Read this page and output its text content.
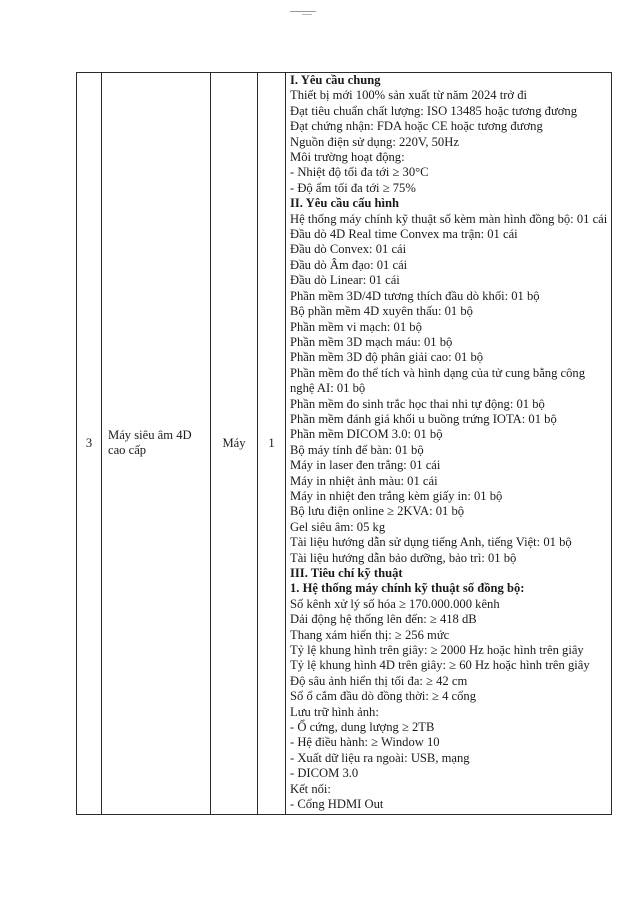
3	Máy siêu âm 4D cao cấp	Máy	1	
I. Yêu cầu chung
Thiết bị mới 100% sản xuất từ năm 2024 trở đi
Đạt tiêu chuẩn chất lượng: ISO 13485 hoặc tương đương
Đạt chứng nhận: FDA hoặc CE hoặc tương đương
Nguồn điện sử dụng: 220V, 50Hz
Môi trường hoạt động:
- Nhiệt độ tối đa tới ≥ 30°C
- Độ ẩm tối đa tới ≥ 75%
II. Yêu cầu cấu hình
Hệ thống máy chính kỹ thuật số kèm màn hình đồng bộ: 01 cái
Đầu dò 4D Real time Convex ma trận: 01 cái
Đầu dò Convex: 01 cái
Đầu dò Âm đạo: 01 cái
Đầu dò Linear: 01 cái
Phần mềm 3D/4D tương thích đầu dò khối: 01 bộ
Bộ phần mềm 4D xuyên thấu: 01 bộ
Phần mềm vi mạch: 01 bộ
Phần mềm 3D mạch máu: 01 bộ
Phần mềm 3D độ phân giải cao: 01 bộ
Phần mềm đo thể tích và hình dạng của tử cung bằng công nghệ AI: 01 bộ
Phần mềm đo sinh trắc học thai nhi tự động: 01 bộ
Phần mềm đánh giá khối u buồng trứng IOTA: 01 bộ
Phần mềm DICOM 3.0: 01 bộ
Bộ máy tính để bàn: 01 bộ
Máy in laser đen trắng: 01 cái
Máy in nhiệt ảnh màu: 01 cái
Máy in nhiệt đen trắng kèm giấy in: 01 bộ
Bộ lưu điện online ≥ 2KVA: 01 bộ
Gel siêu âm: 05 kg
Tài liệu hướng dẫn sử dụng tiếng Anh, tiếng Việt: 01 bộ
Tài liệu hướng dẫn bảo dưỡng, bảo trì: 01 bộ
III. Tiêu chí kỹ thuật
1. Hệ thống máy chính kỹ thuật số đồng bộ:
Số kênh xử lý số hóa ≥ 170.000.000 kênh
Dải động hệ thống lên đến: ≥ 418 dB
Thang xám hiển thị: ≥ 256 mức
Tỷ lệ khung hình trên giây: ≥ 2000 Hz hoặc hình trên giây
Tỷ lệ khung hình 4D trên giây: ≥ 60 Hz hoặc hình trên giây
Độ sâu ảnh hiển thị tối đa: ≥ 42 cm
Số ổ cắm đầu dò đồng thời: ≥ 4 cổng
Lưu trữ hình ảnh:
- Ổ cứng, dung lượng ≥ 2TB
- Hệ điều hành: ≥ Window 10
- Xuất dữ liệu ra ngoài: USB, mạng
- DICOM 3.0
Kết nối:
- Cổng HDMI Out
